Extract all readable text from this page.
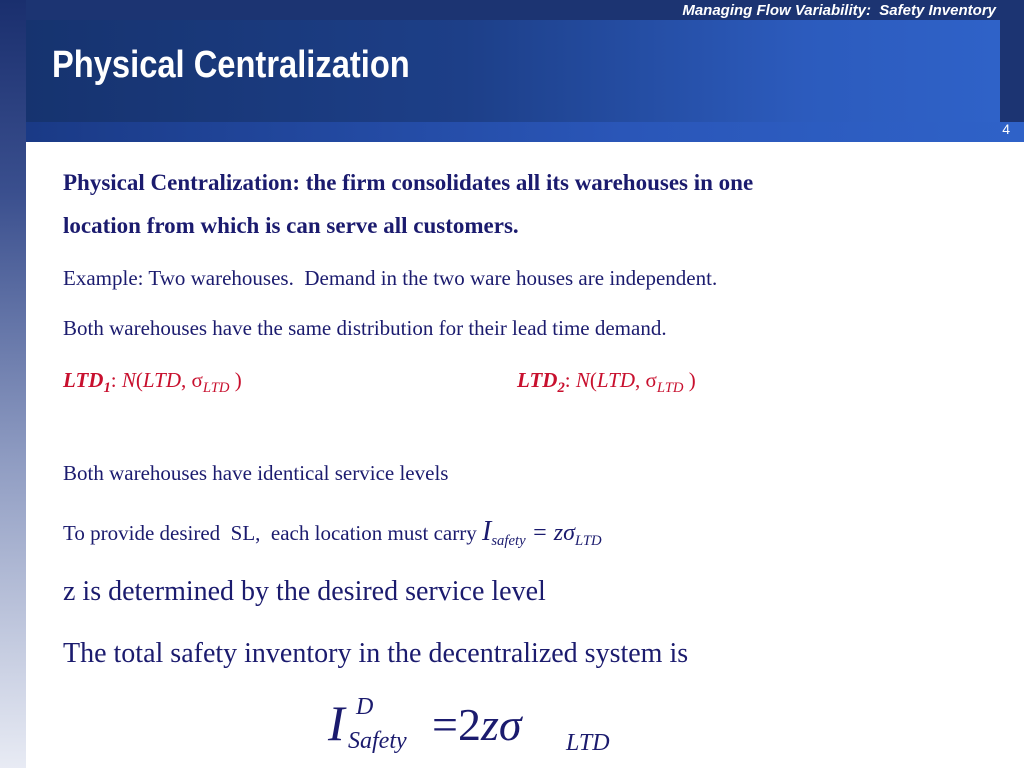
Managing Flow Variability:  Safety Inventory
Physical Centralization
4
Physical Centralization: the firm consolidates all its warehouses in one
location from which is can serve all customers.
Example: Two warehouses.  Demand in the two ware houses are independent.
Both warehouses have the same distribution for their lead time demand.
$LTD_1$: N(LTD, $\sigma_{LTD}$ )	$LTD_2$: N(LTD, $\sigma_{LTD}$ )
Both warehouses have identical service levels
To provide desired  SL,  each location must carry $I_{safety} = z\sigma_{LTD}$
z is determined by the desired service level
The total safety inventory in the decentralized system is
I D
Safety =2zσ LTD
